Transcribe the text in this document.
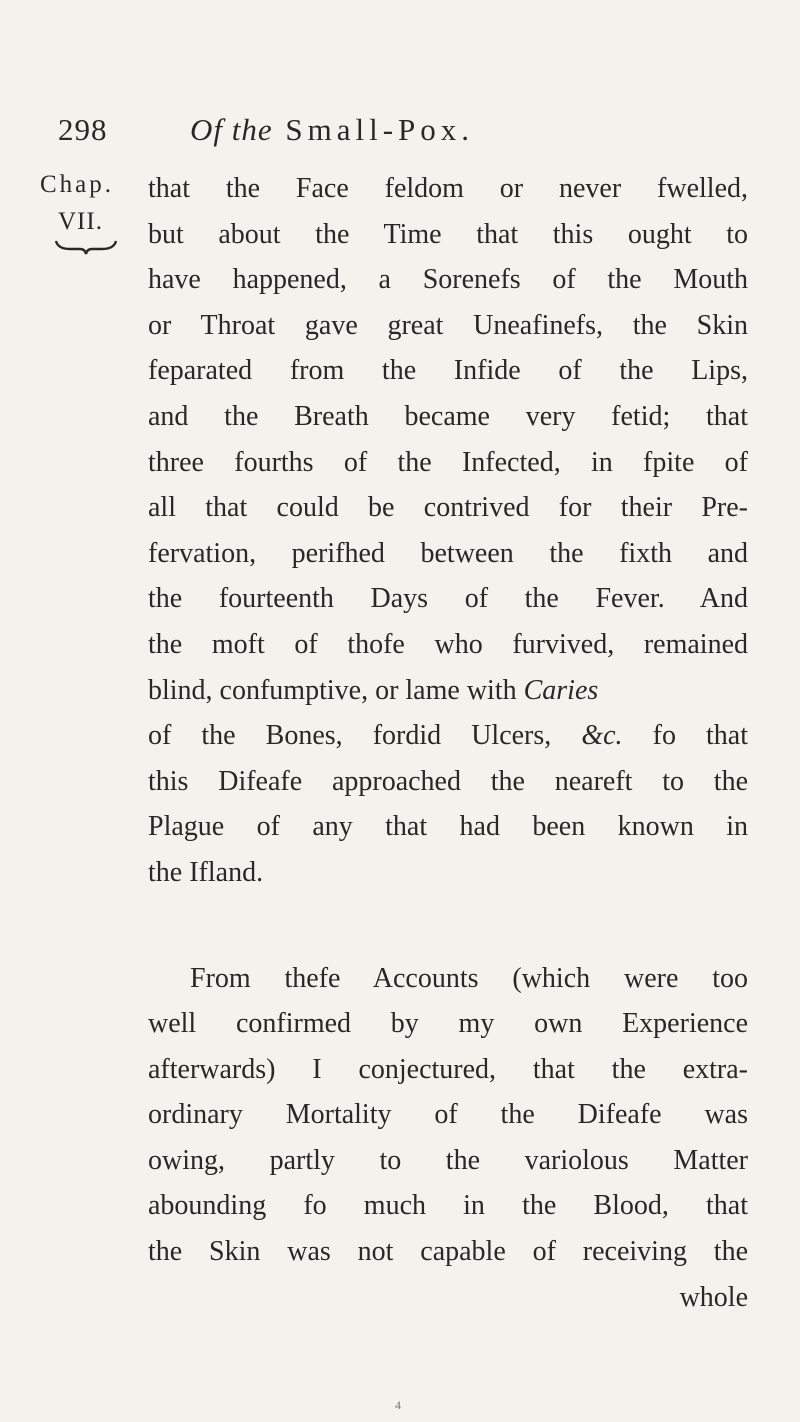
298	Of the Small-Pox.
Chap.
VII.
that the Face feldom or never fwelled,
but about the Time that this ought to
have happened, a Sorenefs of the Mouth
or Throat gave great Uneafinefs, the Skin
feparated from the Infide of the Lips,
and the Breath became very fetid; that
three fourths of the Infected, in fpite of
all that could be contrived for their Pre-
fervation, perifhed between the fixth and
the fourteenth Days of the Fever. And
the moft of thofe who furvived, remained
blind, confumptive, or lame with Caries
of the Bones, fordid Ulcers, &c. fo that
this Difeafe approached the neareft to the
Plague of any that had been known in
the Ifland.
From thefe Accounts (which were too
well confirmed by my own Experience
afterwards) I conjectured, that the extra-
ordinary Mortality of the Difeafe was
owing, partly to the variolous Matter
abounding fo much in the Blood, that
the Skin was not capable of receiving the
whole
4
